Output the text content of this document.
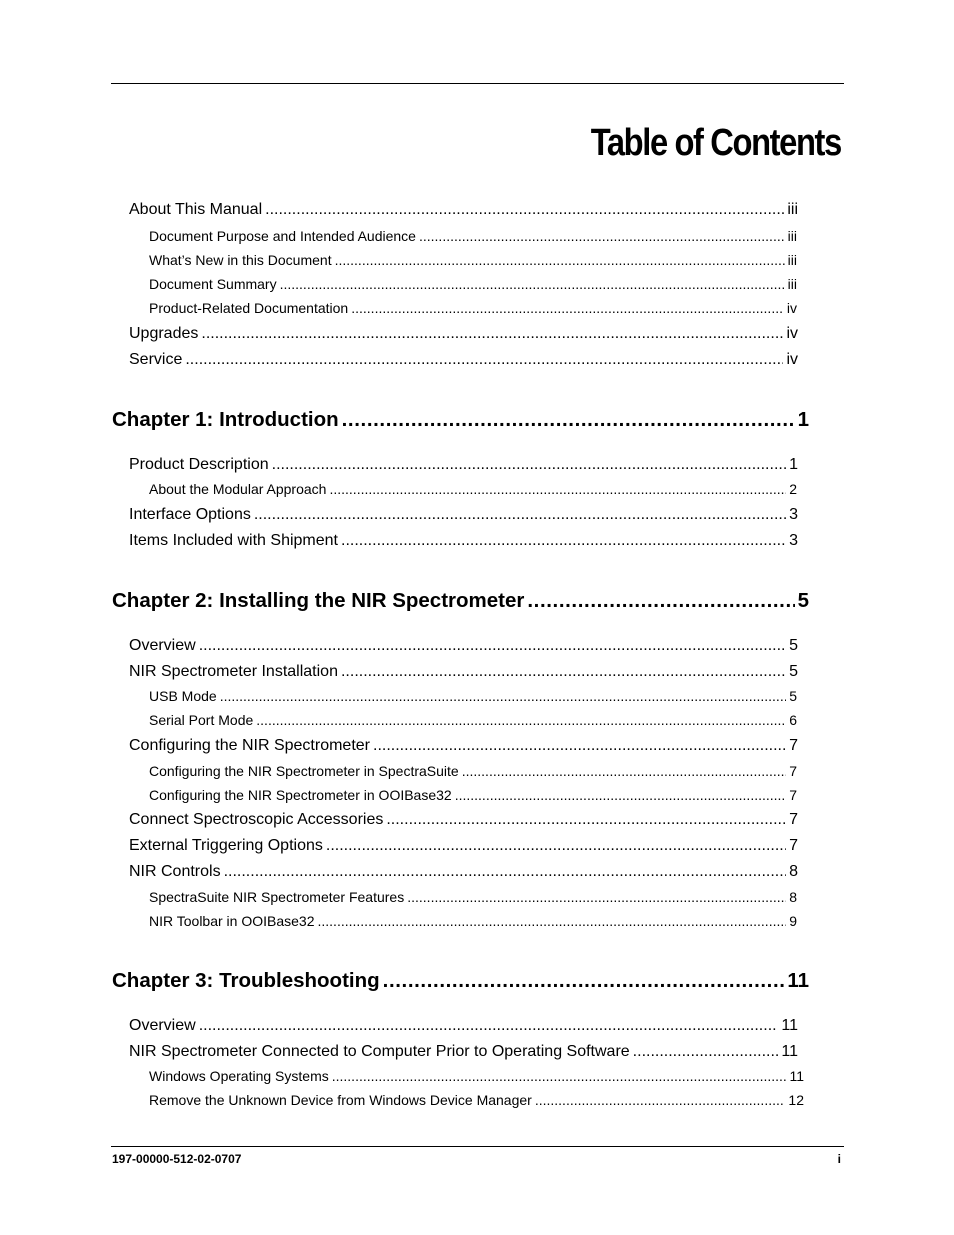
Table of Contents
About This Manual .....	iii
Document Purpose and Intended Audience .....	iii
What’s New in this Document .....	iii
Document Summary .....	iii
Product-Related Documentation .....	iv
Upgrades .....	iv
Service .....	iv
Chapter 1: Introduction .....	1
Product Description .....	1
About the Modular Approach .....	2
Interface Options .....	3
Items Included with Shipment .....	3
Chapter 2: Installing the NIR Spectrometer .....	5
Overview .....	5
NIR Spectrometer Installation .....	5
USB Mode .....	5
Serial Port Mode .....	6
Configuring the NIR Spectrometer .....	7
Configuring the NIR Spectrometer in SpectraSuite .....	7
Configuring the NIR Spectrometer in OOIBase32 .....	7
Connect Spectroscopic Accessories .....	7
External Triggering Options .....	7
NIR Controls .....	8
SpectraSuite NIR Spectrometer Features .....	8
NIR Toolbar in OOIBase32 .....	9
Chapter 3: Troubleshooting .....	11
Overview .....	11
NIR Spectrometer Connected to Computer Prior to Operating Software .....	11
Windows Operating Systems .....	11
Remove the Unknown Device from Windows Device Manager .....	12
197-00000-512-02-0707	i
